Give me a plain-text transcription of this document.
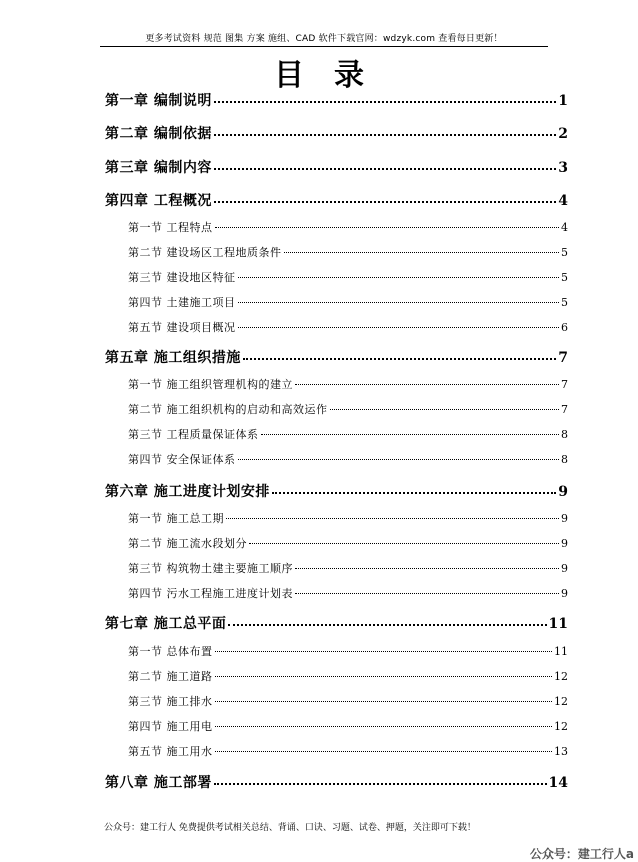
更多考试资料 规范 图集 方案 施组、CAD 软件下载官网：wdzyk.com 查看每日更新！
目录
第一章 编制说明	1
第二章 编制依据	2
第三章 编制内容	3
第四章 工程概况	4
第一节 工程特点	4
第二节 建设场区工程地质条件	5
第三节 建设地区特征	5
第四节 土建施工项目	5
第五节 建设项目概况	6
第五章 施工组织措施	7
第一节 施工组织管理机构的建立	7
第二节 施工组织机构的启动和高效运作	7
第三节 工程质量保证体系	8
第四节 安全保证体系	8
第六章 施工进度计划安排	9
第一节 施工总工期	9
第二节 施工流水段划分	9
第三节 构筑物土建主要施工顺序	9
第四节 污水工程施工进度计划表	9
第七章 施工总平面	11
第一节 总体布置	11
第二节 施工道路	12
第三节 施工排水	12
第四节 施工用电	12
第五节 施工用水	13
第八章 施工部署	14
公众号：建工行人 免费提供考试相关总结、背诵、口诀、习题、试卷、押题，关注即可下载！
公众号：建工行人a
